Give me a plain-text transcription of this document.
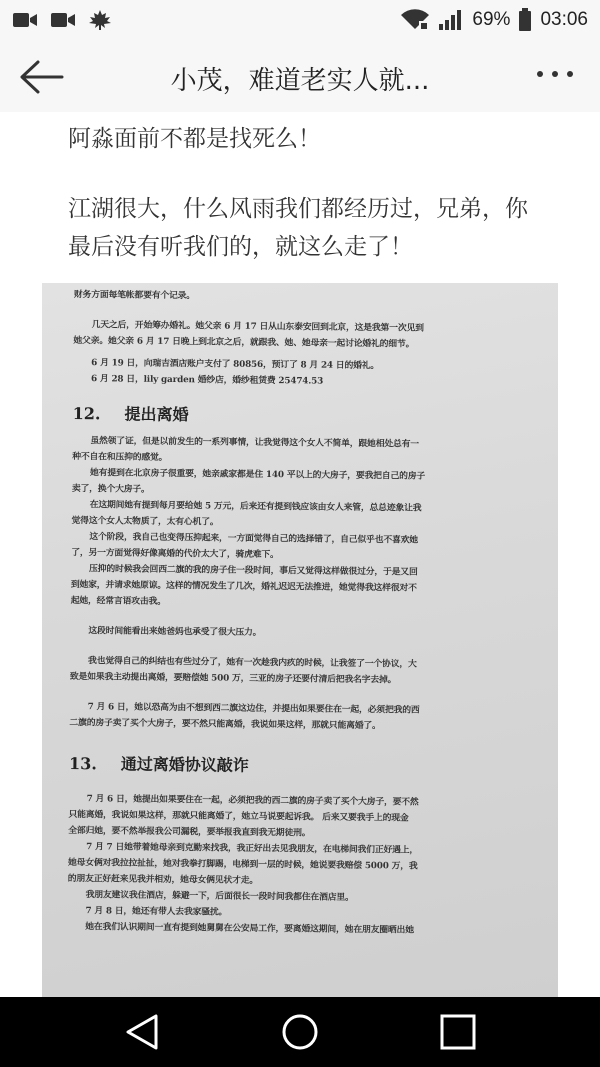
69% 03:06
小茂，难道老实人就...

阿淼面前不都是找死么！

江湖很大，什么风雨我们都经历过，兄弟，你最后没有听我们的，就这么走了！

财务方面每笔帐都要有个记录。

几天之后，开始筹办婚礼。她父亲 6 月 17 日从山东泰安回到北京，这是我第一次见到

她父亲。她父亲 6 月 17 日晚上到北京之后，就跟我、她、她母亲一起讨论婚礼的细节。

6 月 19 日，向瑞吉酒店账户支付了 80856，预订了 8 月 24 日的婚礼。

6 月 28 日，lily garden 婚纱店，婚纱租赁费 25474.53

12. 提出离婚

虽然领了证，但是以前发生的一系列事情，让我觉得这个女人不简单，跟她相处总有一

种不自在和压抑的感觉。

她有提到在北京房子很重要，她亲戚家都是住 140 平以上的大房子，要我把自己的房子

卖了，换个大房子。

在这期间她有提到每月要给她 5 万元，后来还有提到钱应该由女人来管，总总迹象让我

觉得这个女人太物质了，太有心机了。

这个阶段，我自己也变得压抑起来，一方面觉得自己的选择错了，自己似乎也不喜欢她

了，另一方面觉得好像离婚的代价太大了，骑虎难下。

压抑的时候我会回西二旗的我的房子住一段时间，事后又觉得这样做很过分，于是又回

到她家，并请求她原谅。这样的情况发生了几次，婚礼迟迟无法推进，她觉得我这样很对不

起她，经常言语攻击我。

这段时间能看出来她爸妈也承受了很大压力。

我也觉得自己的纠结也有些过分了，她有一次趁我内疚的时候，让我签了一个协议，大

致是如果我主动提出离婚，要赔偿她 500 万，三亚的房子还要付清后把我名字去掉。

7 月 6 日，她以恐高为由不想到西二旗这边住，并提出如果要住在一起，必须把我的西

二旗的房子卖了买个大房子，要不然只能离婚，我说如果这样，那就只能离婚了。

13. 通过离婚协议敲诈

7 月 6 日，她提出如果要住在一起，必须把我的西二旗的房子卖了买个大房子，要不然

只能离婚，我说如果这样，那就只能离婚了，她立马说要起诉我。 后来又要我手上的现金

全部归她，要不然举报我公司漏税，要举报我直到我无期徒刑。

7 月 7 日她带着她母亲到克勤来找我，我正好出去见我朋友，在电梯间我们正好遇上，

她母女俩对我拉拉扯扯，她对我拳打脚踢，电梯到一层的时候，她说要我赔偿 5000 万，我

的朋友正好赶来见我并相劝，她母女俩见状才走。

我朋友建议我住酒店，躲避一下，后面很长一段时间我都住在酒店里。

7 月 8 日，她还有带人去我家骚扰。

她在我们认识期间一直有提到她舅舅在公安局工作，要离婚这期间，她在朋友圈晒出她
